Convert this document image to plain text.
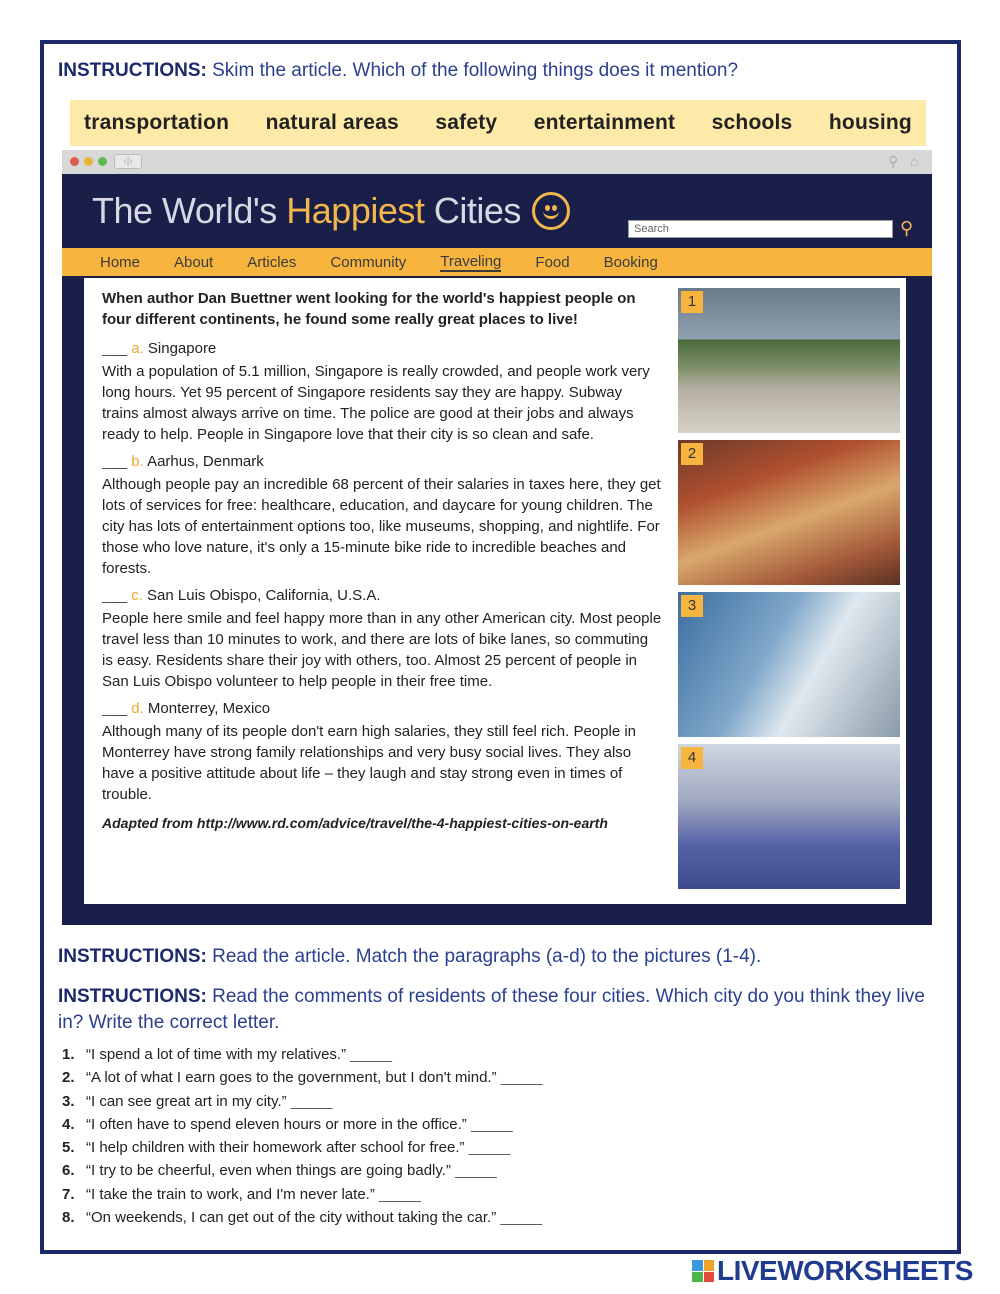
INSTRUCTIONS: Skim the article. Which of the following things does it mention?
transportation natural areas safety entertainment schools housing
‹|›	⚲ ⌂
The World's Happiest Cities	Search	⚲
Home About Articles Community Traveling Food Booking
When author Dan Buettner went looking for the world's happiest people on four different continents, he found some really great places to live!
___ a. Singapore
With a population of 5.1 million, Singapore is really crowded, and people work very long hours. Yet 95 percent of Singapore residents say they are happy. Subway trains almost always arrive on time. The police are good at their jobs and always ready to help. People in Singapore love that their city is so clean and safe.
___ b. Aarhus, Denmark
Although people pay an incredible 68 percent of their salaries in taxes here, they get lots of services for free: healthcare, education, and daycare for young children. The city has lots of entertainment options too, like museums, shopping, and nightlife. For those who love nature, it's only a 15-minute bike ride to incredible beaches and forests.
___ c. San Luis Obispo, California, U.S.A.
People here smile and feel happy more than in any other American city. Most people travel less than 10 minutes to work, and there are lots of bike lanes, so commuting is easy. Residents share their joy with others, too. Almost 25 percent of people in San Luis Obispo volunteer to help people in their free time.
___ d. Monterrey, Mexico
Although many of its people don't earn high salaries, they still feel rich. People in Monterrey have strong family relationships and very busy social lives. They also have a positive attitude about life – they laugh and stay strong even in times of trouble.
Adapted from http://www.rd.com/advice/travel/the-4-happiest-cities-on-earth
1
2
3
4
INSTRUCTIONS: Read the article. Match the paragraphs (a-d) to the pictures (1-4).
INSTRUCTIONS: Read the comments of residents of these four cities. Which city do you think they live in? Write the correct letter.
1. “I spend a lot of time with my relatives.” _____
2. “A lot of what I earn goes to the government, but I don't mind.” _____
3. “I can see great art in my city.” _____
4. “I often have to spend eleven hours or more in the office.” _____
5. “I help children with their homework after school for free.” _____
6. “I try to be cheerful, even when things are going badly.” _____
7. “I take the train to work, and I'm never late.” _____
8. “On weekends, I can get out of the city without taking the car.” _____
LIVEWORKSHEETS
